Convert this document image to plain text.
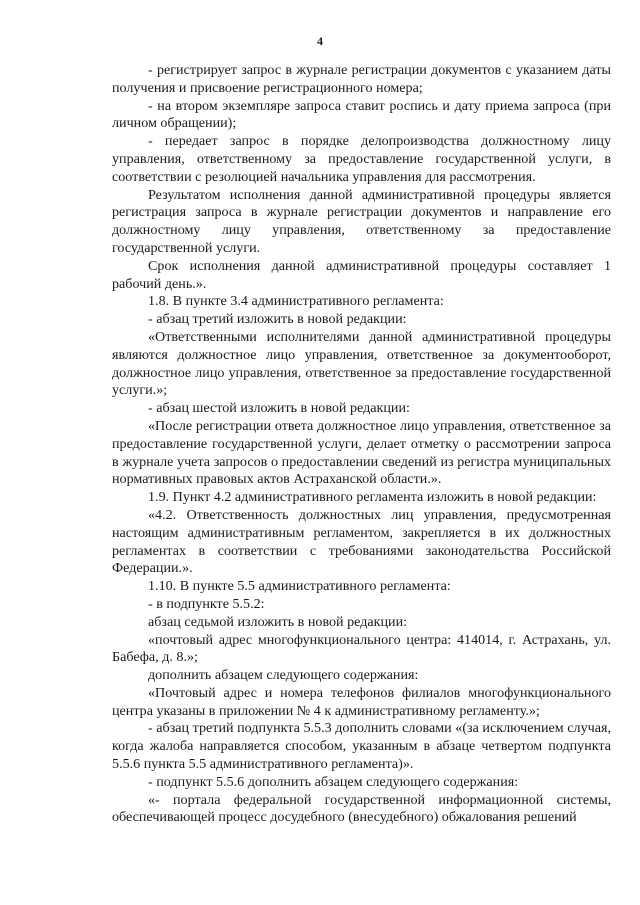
4

- регистрирует запрос в журнале регистрации документов с указанием даты получения и присвоение регистрационного номера;

- на втором экземпляре запроса ставит роспись и дату приема запроса (при личном обращении);

- передает запрос в порядке делопроизводства должностному лицу управления, ответственному за предоставление государственной услуги, в соответствии с резолюцией начальника управления для рассмотрения.

Результатом исполнения данной административной процедуры является регистрация запроса в журнале регистрации документов и направление его должностному лицу управления, ответственному за предоставление государственной услуги.

Срок исполнения данной административной процедуры составляет 1 рабочий день.».

1.8. В пункте 3.4 административного регламента:

- абзац третий изложить в новой редакции:

«Ответственными исполнителями данной административной процедуры являются должностное лицо управления, ответственное за документооборот, должностное лицо управления, ответственное за предоставление государственной услуги.»;

- абзац шестой изложить в новой редакции:

«После регистрации ответа должностное лицо управления, ответственное за предоставление государственной услуги, делает отметку о рассмотрении запроса в журнале учета запросов о предоставлении сведений из регистра муниципальных нормативных правовых актов Астраханской области.».

1.9. Пункт 4.2 административного регламента изложить в новой редакции:

«4.2. Ответственность должностных лиц управления, предусмотренная настоящим административным регламентом, закрепляется в их должностных регламентах в соответствии с требованиями законодательства Российской Федерации.».

1.10. В пункте 5.5 административного регламента:

- в подпункте 5.5.2:

абзац седьмой изложить в новой редакции:

«почтовый адрес многофункционального центра: 414014, г. Астрахань, ул. Бабефа, д. 8.»;

дополнить абзацем следующего содержания:

«Почтовый адрес и номера телефонов филиалов многофункционального центра указаны в приложении № 4 к административному регламенту.»;

- абзац третий подпункта 5.5.3 дополнить словами «(за исключением случая, когда жалоба направляется способом, указанным в абзаце четвертом подпункта 5.5.6 пункта 5.5 административного регламента)».

- подпункт 5.5.6 дополнить абзацем следующего содержания:

«- портала федеральной государственной информационной системы, обеспечивающей процесс досудебного (внесудебного) обжалования решений
